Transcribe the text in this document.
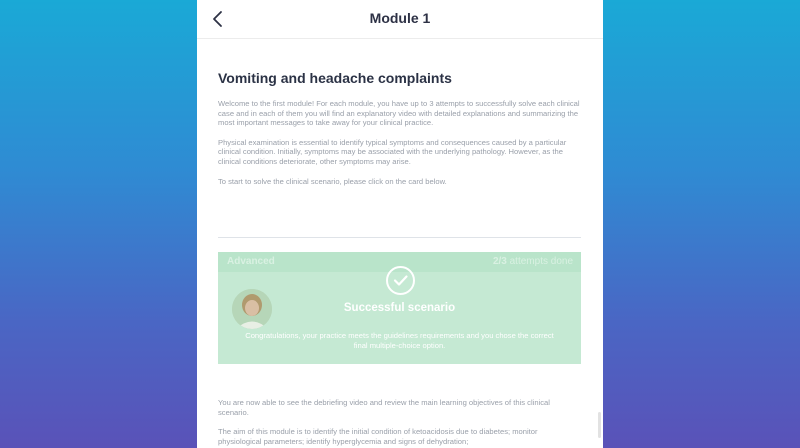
Module 1
Vomiting and headache complaints

Welcome to the first module! For each module, you have up to 3 attempts to successfully solve each clinical case and in each of them you will find an explanatory video with detailed explanations and summarizing the most important messages to take away for your clinical practice.

Physical examination is essential to identify typical symptoms and consequences caused by a particular clinical condition. Initially, symptoms may be associated with the underlying pathology. However, as the clinical conditions deteriorate, other symptoms may arise.

To start to solve the clinical scenario, please click on the card below.

Advanced	2/3 attempts done
Successful scenario
Congratulations, your practice meets the guidelines requirements and you chose the correct final multiple-choice option.

You are now able to see the debriefing video and review the main learning objectives of this clinical scenario.

The aim of this module is to identify the initial condition of ketoacidosis due to diabetes; monitor physiological parameters; identify hyperglycemia and signs of dehydration;
